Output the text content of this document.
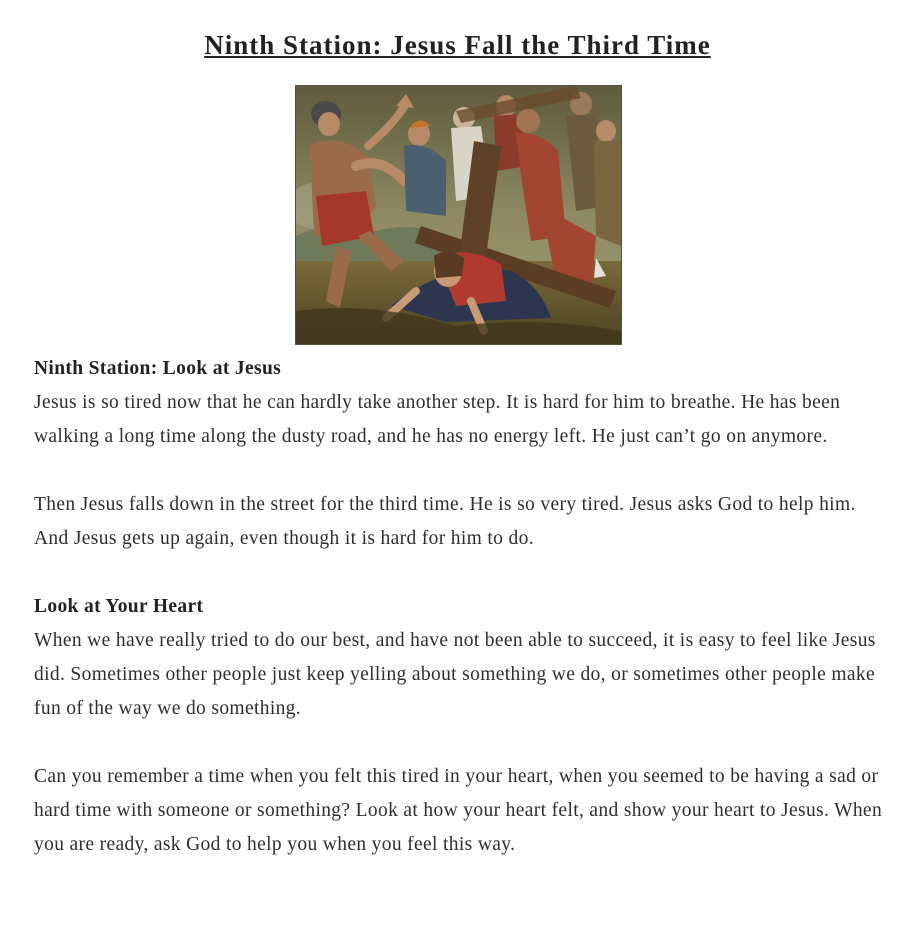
Ninth Station: Jesus Fall the Third Time

Ninth Station: Look at Jesus

Jesus is so tired now that he can hardly take another step. It is hard for him to breathe. He has been walking a long time along the dusty road, and he has no energy left. He just can’t go on anymore.

Then Jesus falls down in the street for the third time. He is so very tired. Jesus asks God to help him. And Jesus gets up again, even though it is hard for him to do.

Look at Your Heart

When we have really tried to do our best, and have not been able to succeed, it is easy to feel like Jesus did. Sometimes other people just keep yelling about something we do, or sometimes other people make fun of the way we do something.

Can you remember a time when you felt this tired in your heart, when you seemed to be having a sad or hard time with someone or something? Look at how your heart felt, and show your heart to Jesus. When you are ready, ask God to help you when you feel this way.
